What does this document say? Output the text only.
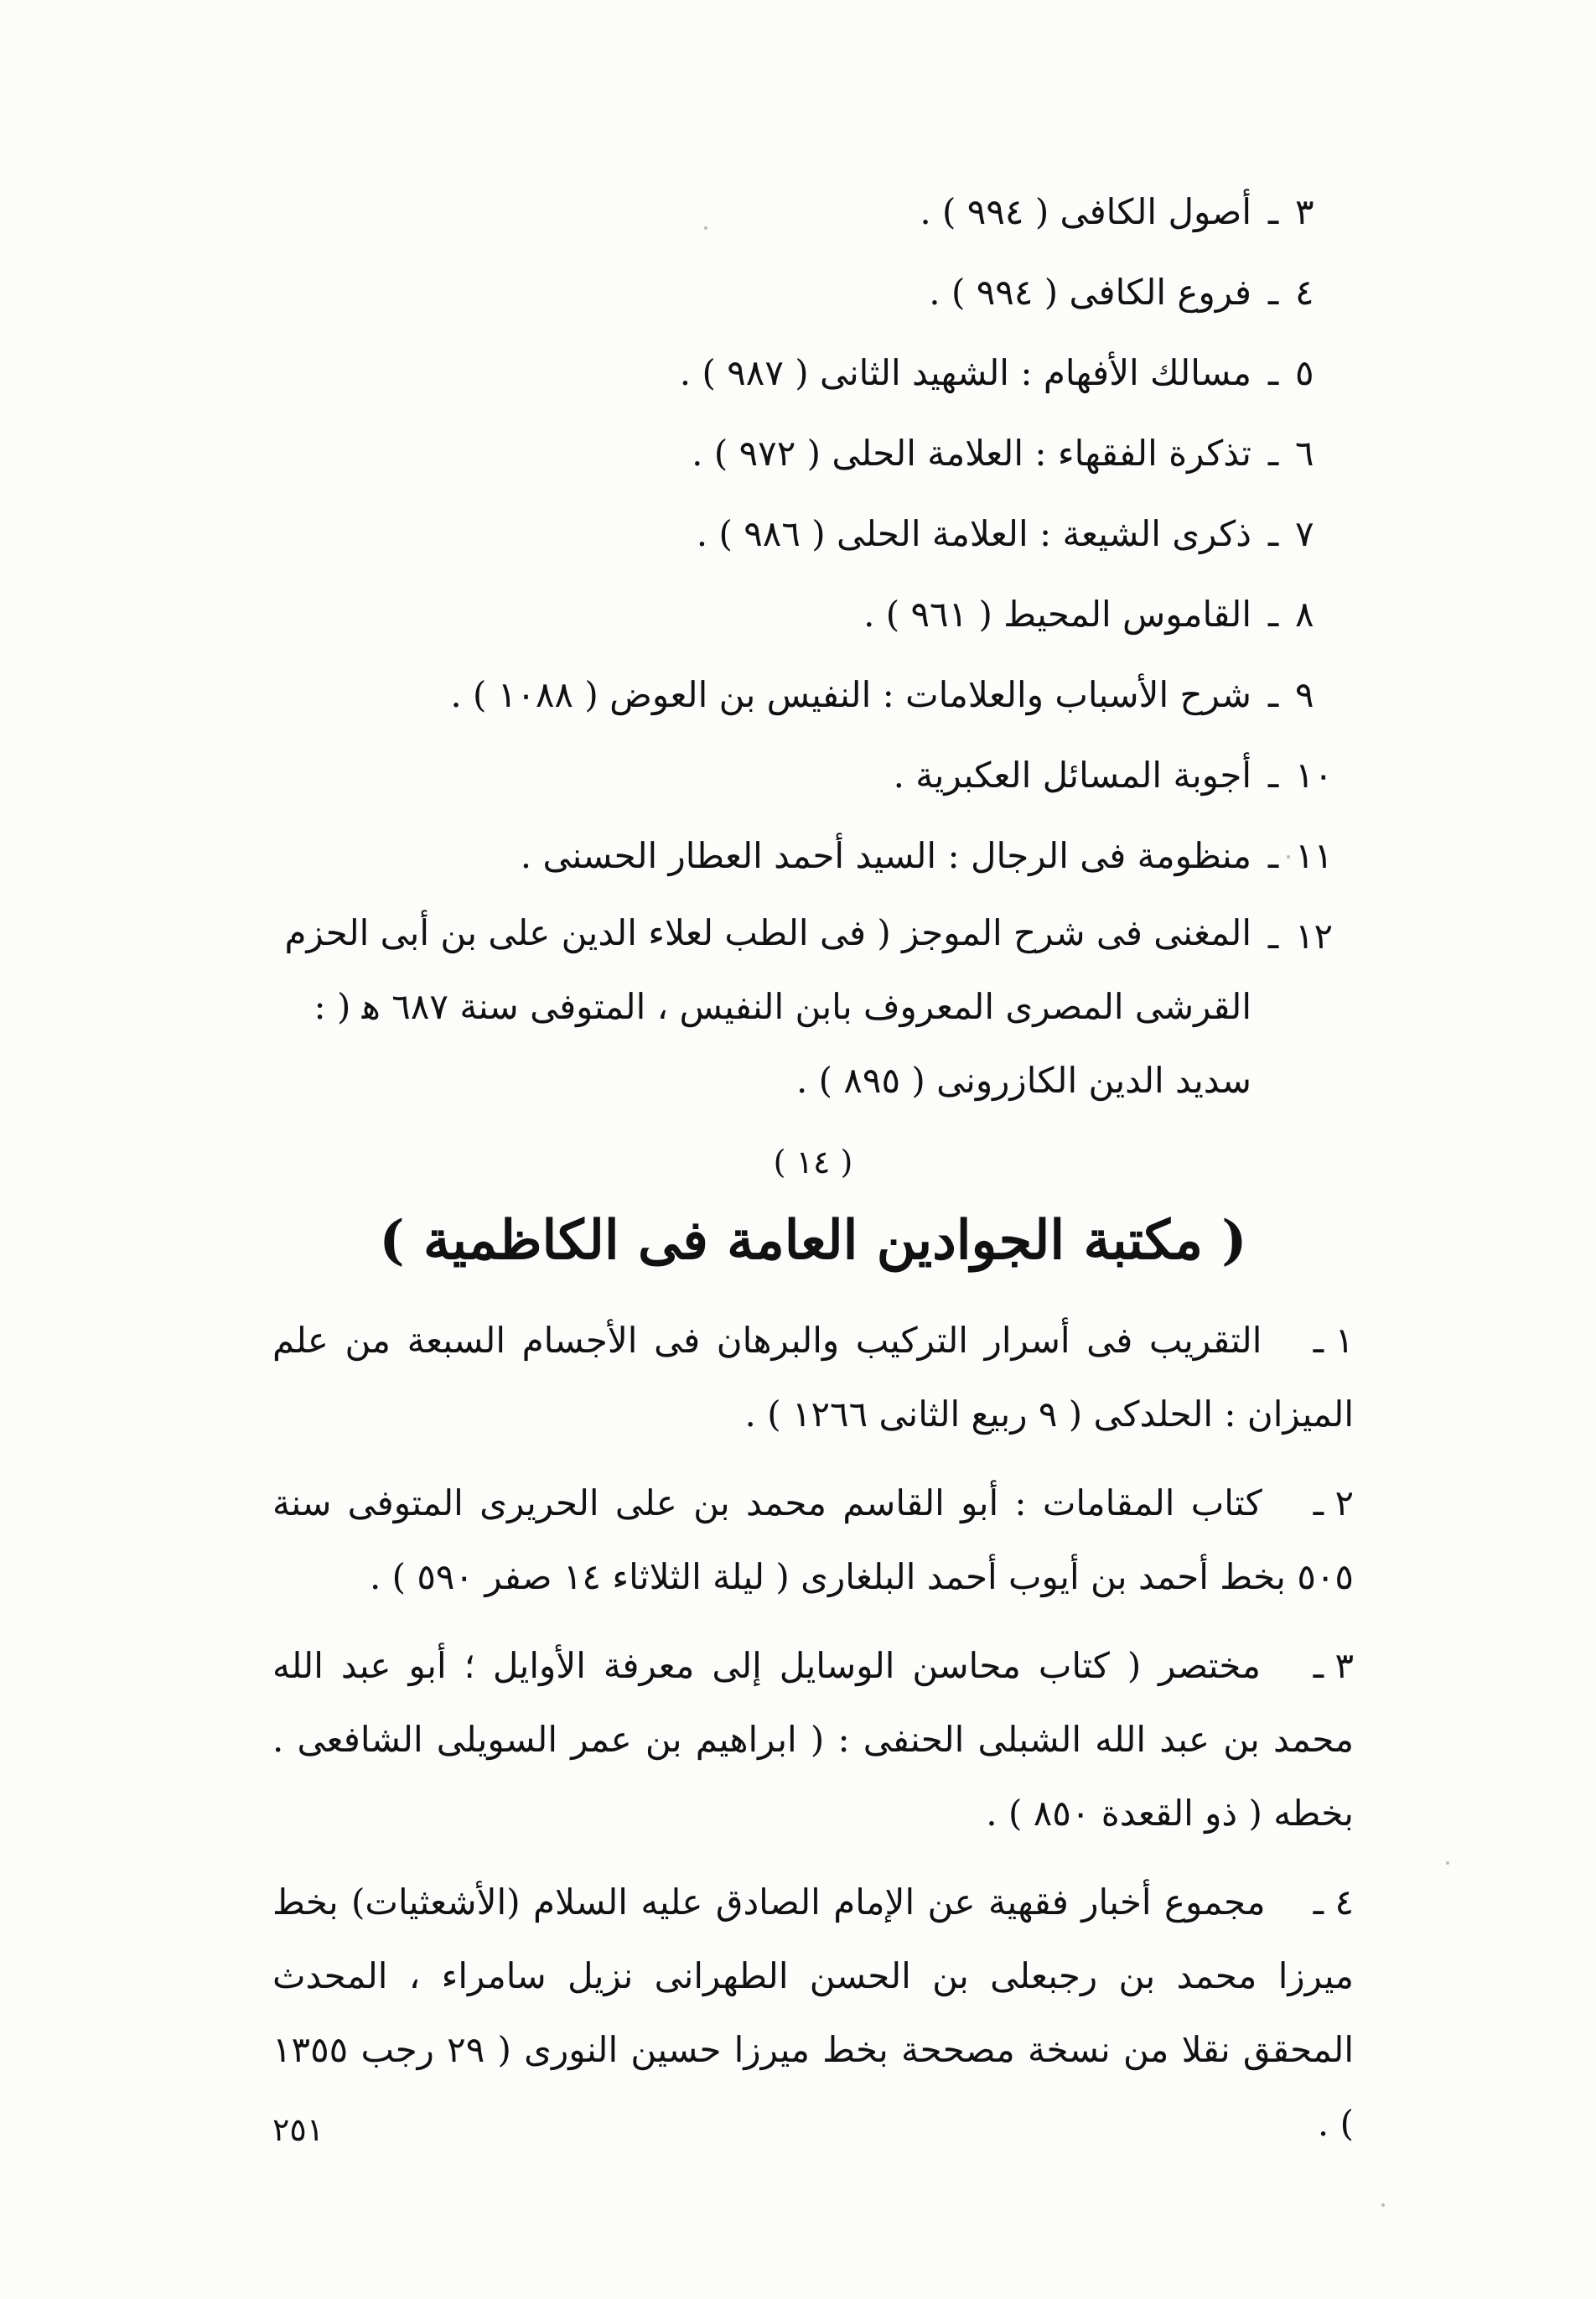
٣
ـ
أصول الكافى ( ٩٩٤ ) .
٤
ـ
فروع الكافى ( ٩٩٤ ) .
٥
ـ
مسالك الأفهام : الشهيد الثانى ( ٩٨٧ ) .
٦
ـ
تذكرة الفقهاء : العلامة الحلى ( ٩٧٢ ) .
٧
ـ
ذكرى الشيعة : العلامة الحلى ( ٩٨٦ ) .
٨
ـ
القاموس المحيط ( ٩٦١ ) .
٩
ـ
شرح الأسباب والعلامات : النفيس بن العوض ( ١٠٨٨ ) .
١٠
ـ
أجوبة المسائل العكبرية .
١١
ـ
منظومة فى الرجال : السيد أحمد العطار الحسنى .
١٢
ـ
المغنى فى شرح الموجز ( فى الطب لعلاء الدين على بن أبى الحزم القرشى المصرى المعروف بابن النفيس ، المتوفى سنة ٦٨٧ ﻫ ( : سديد الدين الكازرونى ( ٨٩٥ ) .
( ١٤ )
( مكتبة الجوادين العامة فى الكاظمية )
١ ـ التقريب فى أسرار التركيب والبرهان فى الأجسام السبعة من علم الميزان : الحلدكى ( ٩ ربيع الثانى ١٢٦٦ ) .
٢ ـ كتاب المقامات : أبو القاسم محمد بن على الحريرى المتوفى سنة ٥٠٥ بخط أحمد بن أيوب أحمد البلغارى ( ليلة الثلاثاء ١٤ صفر ٥٩٠ ) .
٣ ـ مختصر ( كتاب محاسن الوسايل إلى معرفة الأوايل ؛ أبو عبد الله محمد بن عبد الله الشبلى الحنفى : ( ابراهيم بن عمر السويلى الشافعى . بخطه ( ذو القعدة ٨٥٠ ) .
٤ ـ مجموع أخبار فقهية عن الإمام الصادق عليه السلام (الأشعثيات) بخط ميرزا محمد بن رجبعلى بن الحسن الطهرانى نزيل سامراء ، المحدث المحقق نقلا من نسخة مصححة بخط ميرزا حسين النورى ( ٢٩ رجب ١٣٥٥ ) .
٢٥١
